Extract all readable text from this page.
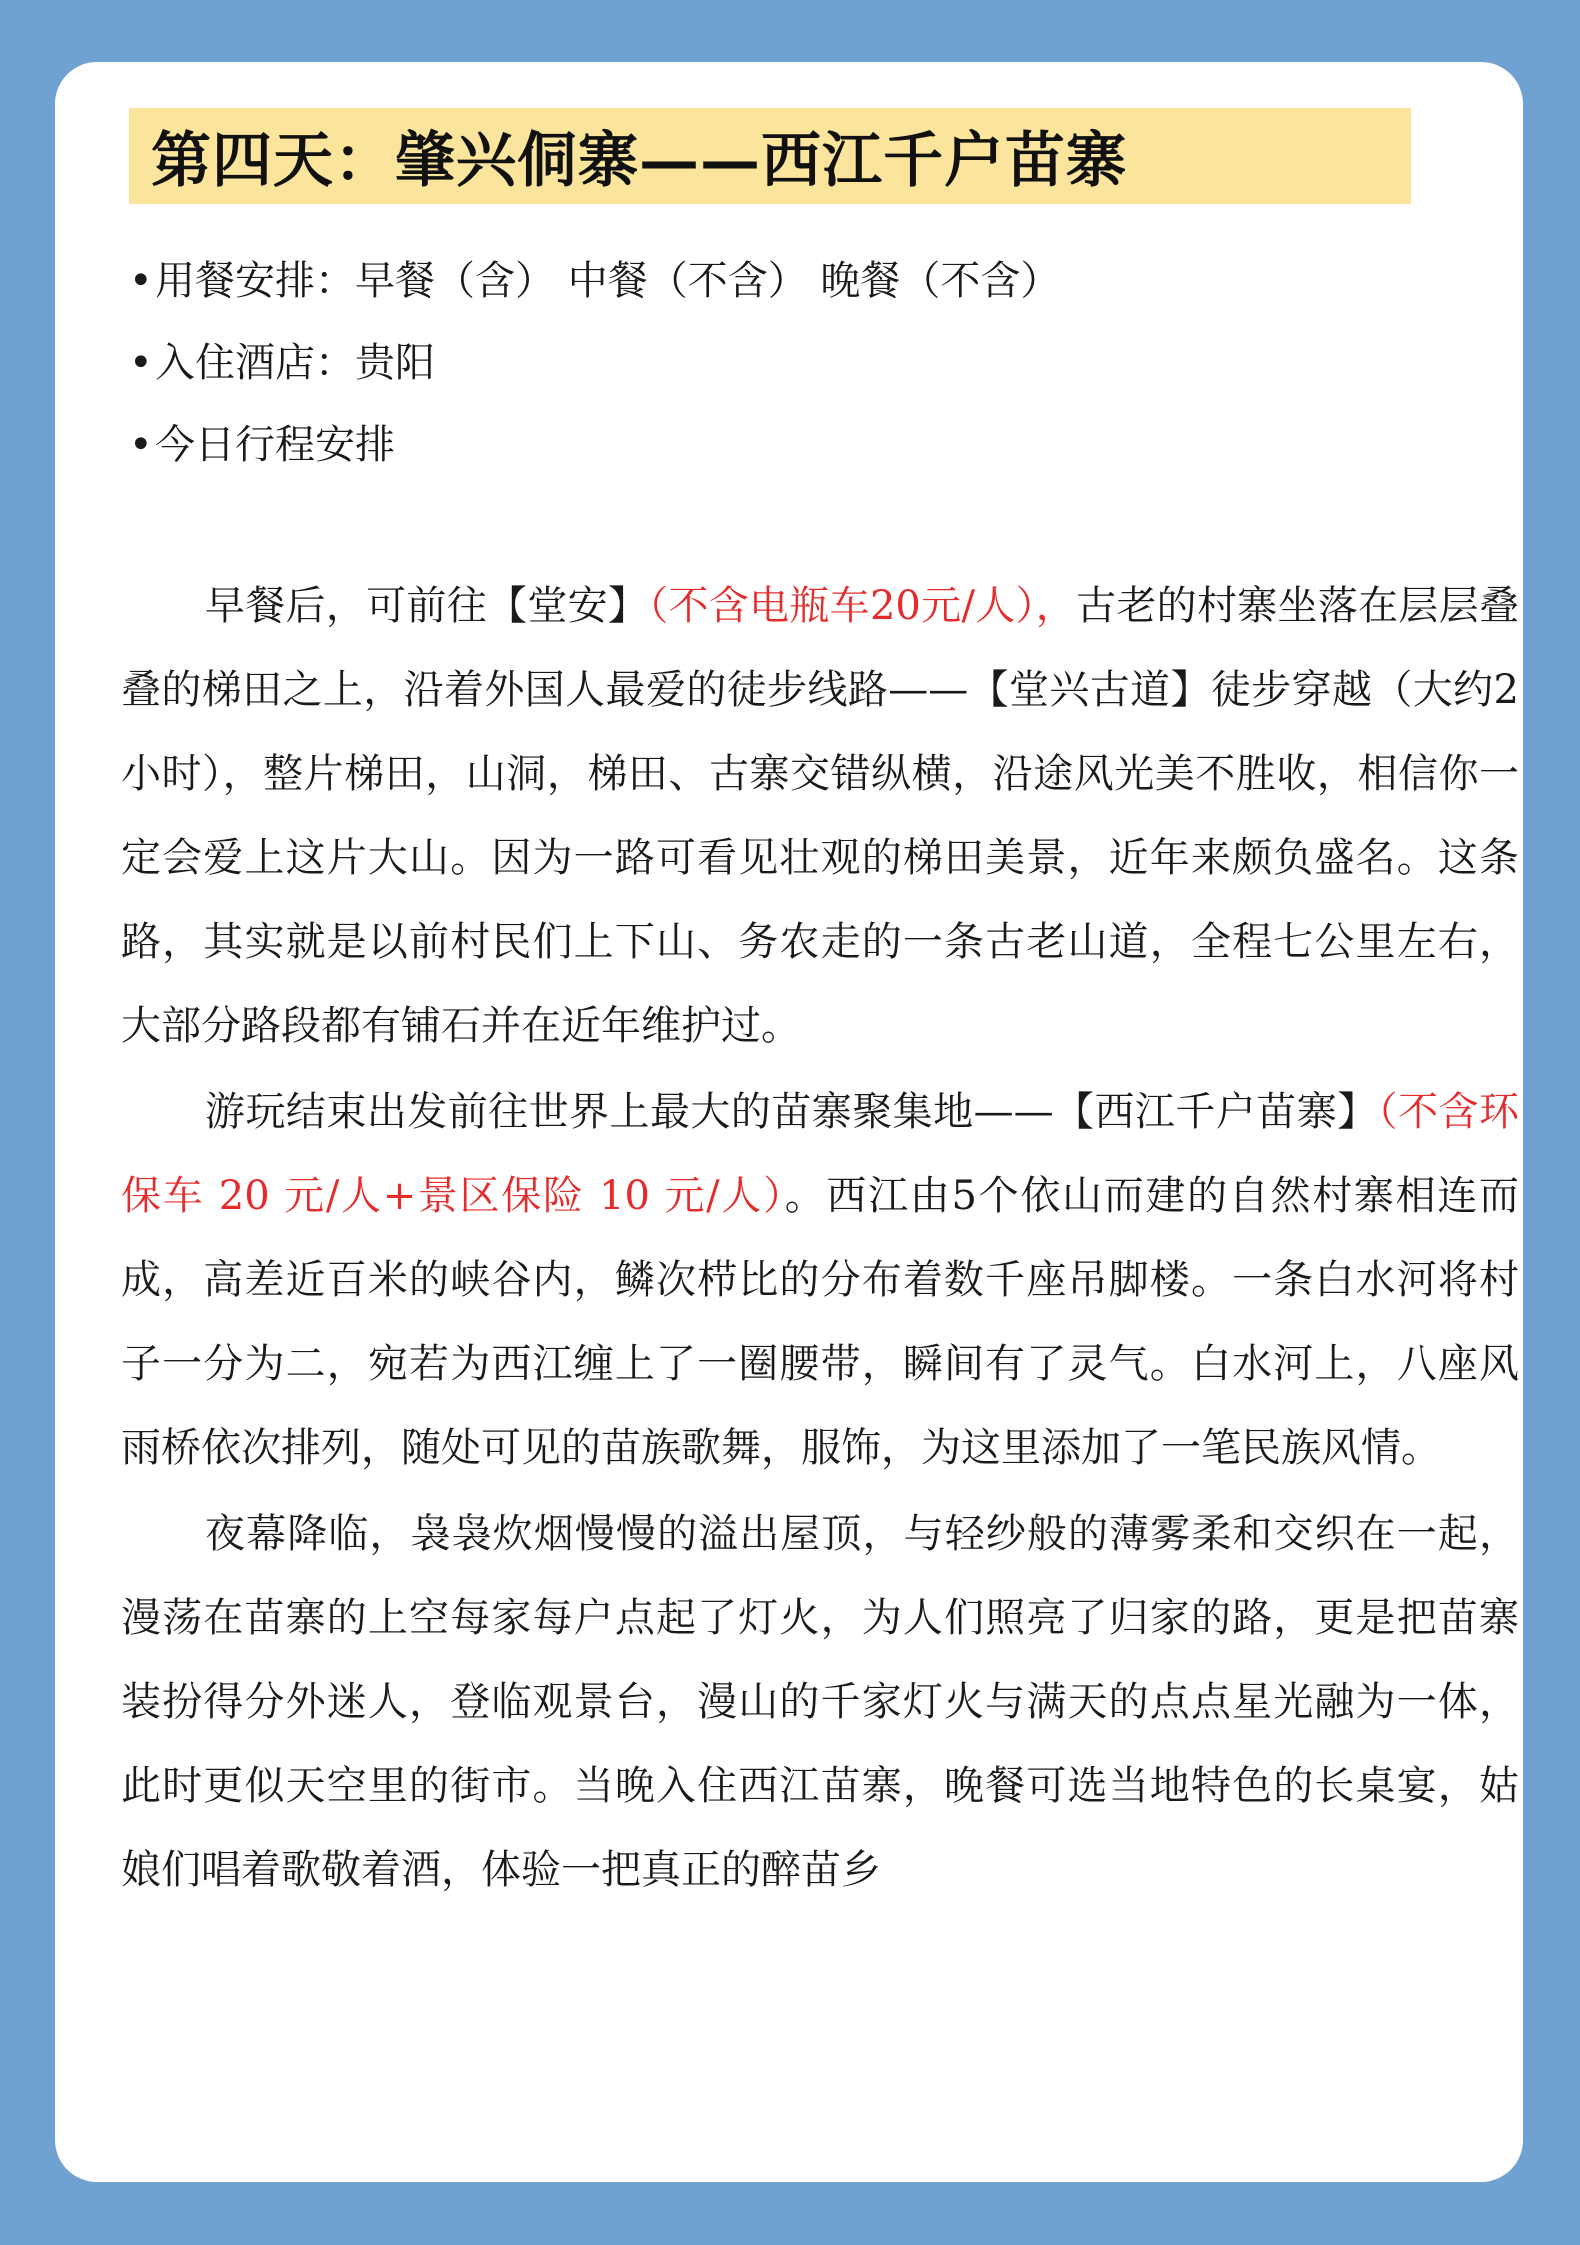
第四天：肇兴侗寨——西江千户苗寨
•用餐安排：早餐（含） 中餐（不含） 晚餐（不含）
•入住酒店：贵阳
•今日行程安排

早餐后，可前往【堂安】（不含电瓶车20元/人），古老的村寨坐落在层层叠叠的梯田之上，沿着外国人最爱的徒步线路——【堂兴古道】徒步穿越（大约2小时），整片梯田，山洞，梯田、古寨交错纵横，沿途风光美不胜收，相信你一定会爱上这片大山。因为一路可看见壮观的梯田美景，近年来颇负盛名。这条路，其实就是以前村民们上下山、务农走的一条古老山道，全程七公里左右，大部分路段都有铺石并在近年维护过。

游玩结束出发前往世界上最大的苗寨聚集地——【西江千户苗寨】（不含环保车 20 元/人+景区保险 10 元/人）。西江由5个依山而建的自然村寨相连而成，高差近百米的峡谷内，鳞次栉比的分布着数千座吊脚楼。一条白水河将村子一分为二，宛若为西江缠上了一圈腰带，瞬间有了灵气。白水河上，八座风雨桥依次排列，随处可见的苗族歌舞，服饰，为这里添加了一笔民族风情。

夜幕降临，袅袅炊烟慢慢的溢出屋顶，与轻纱般的薄雾柔和交织在一起，漫荡在苗寨的上空每家每户点起了灯火，为人们照亮了归家的路，更是把苗寨装扮得分外迷人，登临观景台，漫山的千家灯火与满天的点点星光融为一体，此时更似天空里的街市。当晚入住西江苗寨，晚餐可选当地特色的长桌宴，姑娘们唱着歌敬着酒，体验一把真正的醉苗乡
